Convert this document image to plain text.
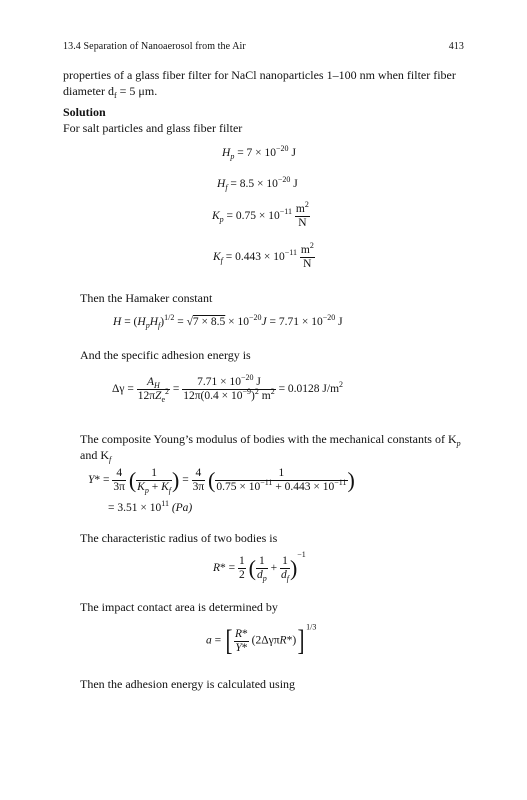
13.4 Separation of Nanoaerosol from the Air	413
properties of a glass fiber filter for NaCl nanoparticles 1–100 nm when filter fiber
diameter $d_f = 5$ μm.
Solution
For salt particles and glass fiber filter
$H_p = 7 \times 10^{-20}$ J
$H_f = 8.5 \times 10^{-20}$ J
$K_p = 0.75 \times 10^{-11} \frac{m^2}{N}$
$K_f = 0.443 \times 10^{-11} \frac{m^2}{N}$
Then the Hamaker constant
$H = (H_pH_f)^{1/2} = √7 \times 8.5 \times 10^{-20}J = 7.71 \times 10^{-20}$ J
And the specific adhesion energy is
$\Delta\gamma = \frac{A_H}{12\pi Z_e^2} = \frac{7.71 \times 10^{-20} J}{12\pi(0.4 \times 10^{-9})^2 m^2} = 0.0128$ $J/m^2$
The composite Young’s modulus of bodies with the mechanical constants of $K_p$
and $K_f$
$Y* = \frac{4}{3\pi}$ ( $\frac{1}{K_p + K_f}$ ) = $\frac{4}{3\pi}$ ( $\frac{1}{0.75 \times 10^{-11} + 0.443 \times 10^{-11}}$ )
= $3.51 \times 10^{11}$ (Pa)
The characteristic radius of two bodies is
$R* = \frac{1}{2}$ ( $\frac{1}{d_p} + \frac{1}{d_f} )^{-1}$
The impact contact area is determined by
a = [ $\frac{R*}{Y*} (2\Delta\gamma\pi R*)$] $^{1/3}$
Then the adhesion energy is calculated using
